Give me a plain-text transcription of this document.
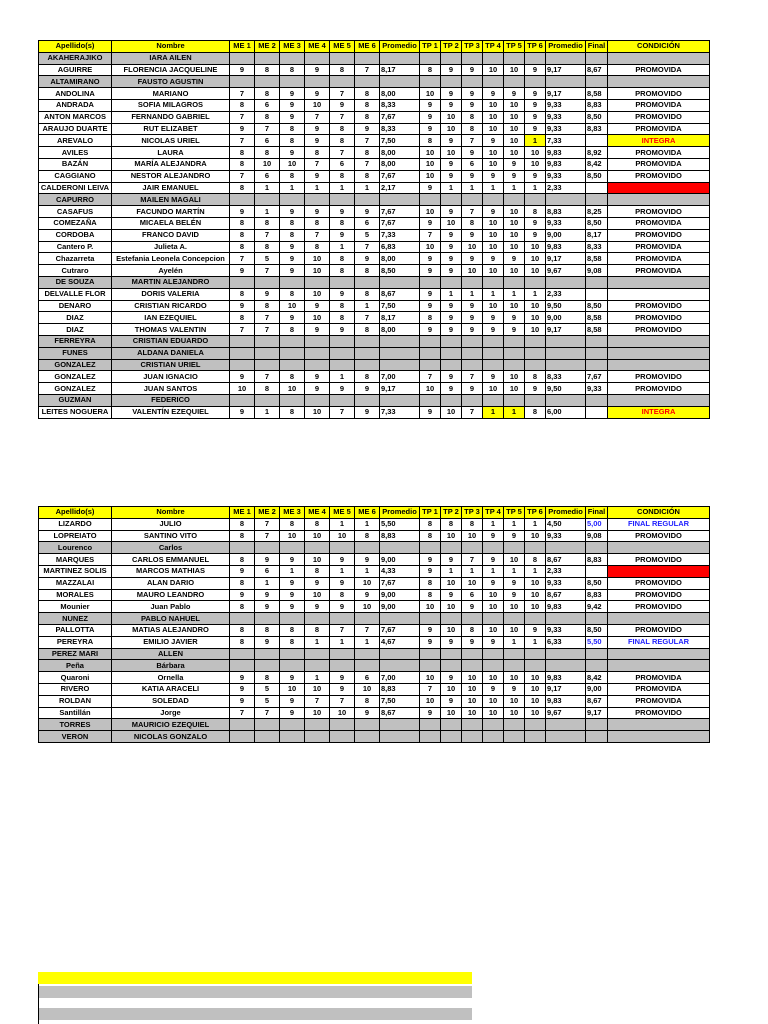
Apellido(s)	Nombre	ME 1	ME 2	ME 3	ME 4	ME 5	ME 6	Promedio	TP 1	TP 2	TP 3	TP 4	TP 5	TP 6	Promedio	Final	CONDICIÓN
AKAHERAJIKO	IARA AILEN																
AGUIRRE	FLORENCIA JACQUELINE	9	8	8	9	8	7	8,17	8	9	9	10	10	9	9,17	8,67	PROMOVIDA
ALTAMIRANO	FAUSTO AGUSTIN																
ANDOLINA	MARIANO	7	8	9	9	7	8	8,00	10	9	9	9	9	9	9,17	8,58	PROMOVIDO
ANDRADA	SOFIA MILAGROS	8	6	9	10	9	8	8,33	9	9	9	10	10	9	9,33	8,83	PROMOVIDA
ANTON MARCOS	FERNANDO GABRIEL	7	8	9	7	7	8	7,67	9	10	8	10	10	9	9,33	8,50	PROMOVIDO
ARAUJO DUARTE	RUT ELIZABET	9	7	8	9	8	9	8,33	9	10	8	10	10	9	9,33	8,83	PROMOVIDA
AREVALO	NICOLAS URIEL	7	6	8	9	8	7	7,50	8	9	7	9	10	1	7,33		INTEGRA
AVILES	LAURA	8	8	9	8	7	8	8,00	10	10	9	10	10	10	9,83	8,92	PROMOVIDA
BAZÁN	MARÍA ALEJANDRA	8	10	10	7	6	7	8,00	10	9	6	10	9	10	9,83	8,42	PROMOVIDA
CAGGIANO	NESTOR ALEJANDRO	7	6	8	9	8	8	7,67	10	9	9	9	9	9	9,33	8,50	PROMOVIDO
CALDERONI LEIVA	JAIR EMANUEL	8	1	1	1	1	1	2,17	9	1	1	1	1	1	2,33		LIBRE
CAPURRO	MAILEN MAGALI																
CASAFUS	FACUNDO MARTÍN	9	1	9	9	9	9	7,67	10	9	7	9	10	8	8,83	8,25	PROMOVIDO
COMEZAÑA	MICAELA BELÉN	8	8	8	8	8	6	7,67	9	10	8	10	10	9	9,33	8,50	PROMOVIDA
CORDOBA	FRANCO DAVID	8	7	8	7	9	5	7,33	7	9	9	10	10	9	9,00	8,17	PROMOVIDO
Cantero P.	Julieta A.	8	8	9	8	1	7	6,83	10	9	10	10	10	10	9,83	8,33	PROMOVIDA
Chazarreta	Estefania Leonela Concepcion	7	5	9	10	8	9	8,00	9	9	9	9	9	10	9,17	8,58	PROMOVIDA
Cutraro	Ayelén	9	7	9	10	8	8	8,50	9	9	10	10	10	10	9,67	9,08	PROMOVIDA
DE SOUZA	MARTIN ALEJANDRO																
DELVALLE FLOR	DORIS VALERIA	8	9	8	10	9	8	8,67	9	1	1	1	1	1	2,33		
DENARO	CRISTIAN RICARDO	9	8	10	9	8	1	7,50	9	9	9	10	10	10	9,50	8,50	PROMOVIDO
DIAZ	IAN EZEQUIEL	8	7	9	10	8	7	8,17	8	9	9	9	9	10	9,00	8,58	PROMOVIDO
DIAZ	THOMAS VALENTIN	7	7	8	9	9	8	8,00	9	9	9	9	9	10	9,17	8,58	PROMOVIDO
FERREYRA	CRISTIAN EDUARDO																
FUNES	ALDANA DANIELA																
GONZALEZ	CRISTIAN URIEL																
GONZALEZ	JUAN IGNACIO	9	7	8	9	1	8	7,00	7	9	7	9	10	8	8,33	7,67	PROMOVIDO
GONZALEZ	JUAN SANTOS	10	8	10	9	9	9	9,17	10	9	9	10	10	9	9,50	9,33	PROMOVIDO
GUZMAN	FEDERICO																
LEITES NOGUERA	VALENTÍN EZEQUIEL	9	1	8	10	7	9	7,33	9	10	7	1	1	8	6,00		INTEGRA
Apellido(s)	Nombre	ME 1	ME 2	ME 3	ME 4	ME 5	ME 6	Promedio	TP 1	TP 2	TP 3	TP 4	TP 5	TP 6	Promedio	Final	CONDICIÓN
LIZARDO	JULIO	8	7	8	8	1	1	5,50	8	8	8	1	1	1	4,50	5,00	FINAL REGULAR
LOPREIATO	SANTINO VITO	8	7	10	10	10	8	8,83	8	10	10	9	9	10	9,33	9,08	PROMOVIDO
Lourenco	Carlos																
MARQUES	CARLOS EMMANUEL	8	9	9	10	9	9	9,00	9	9	7	9	10	8	8,67	8,83	PROMOVIDO
MARTINEZ SOLIS	MARCOS MATHIAS	9	6	1	8	1	1	4,33	9	1	1	1	1	1	2,33		LIBRE
MAZZALAI	ALAN DARIO	8	1	9	9	9	10	7,67	8	10	10	9	9	10	9,33	8,50	PROMOVIDO
MORALES	MAURO LEANDRO	9	9	9	10	8	9	9,00	8	9	6	10	9	10	8,67	8,83	PROMOVIDO
Mounier	Juan Pablo	8	9	9	9	9	10	9,00	10	10	9	10	10	10	9,83	9,42	PROMOVIDO
NUNEZ	PABLO NAHUEL																
PALLOTTA	MATIAS ALEJANDRO	8	8	8	8	7	7	7,67	9	10	8	10	10	9	9,33	8,50	PROMOVIDO
PEREYRA	EMILIO JAVIER	8	9	8	1	1	1	4,67	9	9	9	9	1	1	6,33	5,50	FINAL REGULAR
PEREZ MARI	ALLEN																
Peña	Bárbara																
Quaroni	Ornella	9	8	9	1	9	6	7,00	10	9	10	10	10	10	9,83	8,42	PROMOVIDA
RIVERO	KATIA ARACELI	9	5	10	10	9	10	8,83	7	10	10	9	9	10	9,17	9,00	PROMOVIDA
ROLDAN	SOLEDAD	9	5	9	7	7	8	7,50	10	9	10	10	10	10	9,83	8,67	PROMOVIDA
Santillán	Jorge	7	7	9	10	10	9	8,67	9	10	10	10	10	10	9,67	9,17	PROMOVIDO
TORRES	MAURICIO EZEQUIEL																
VERON	NICOLAS GONZALO																
